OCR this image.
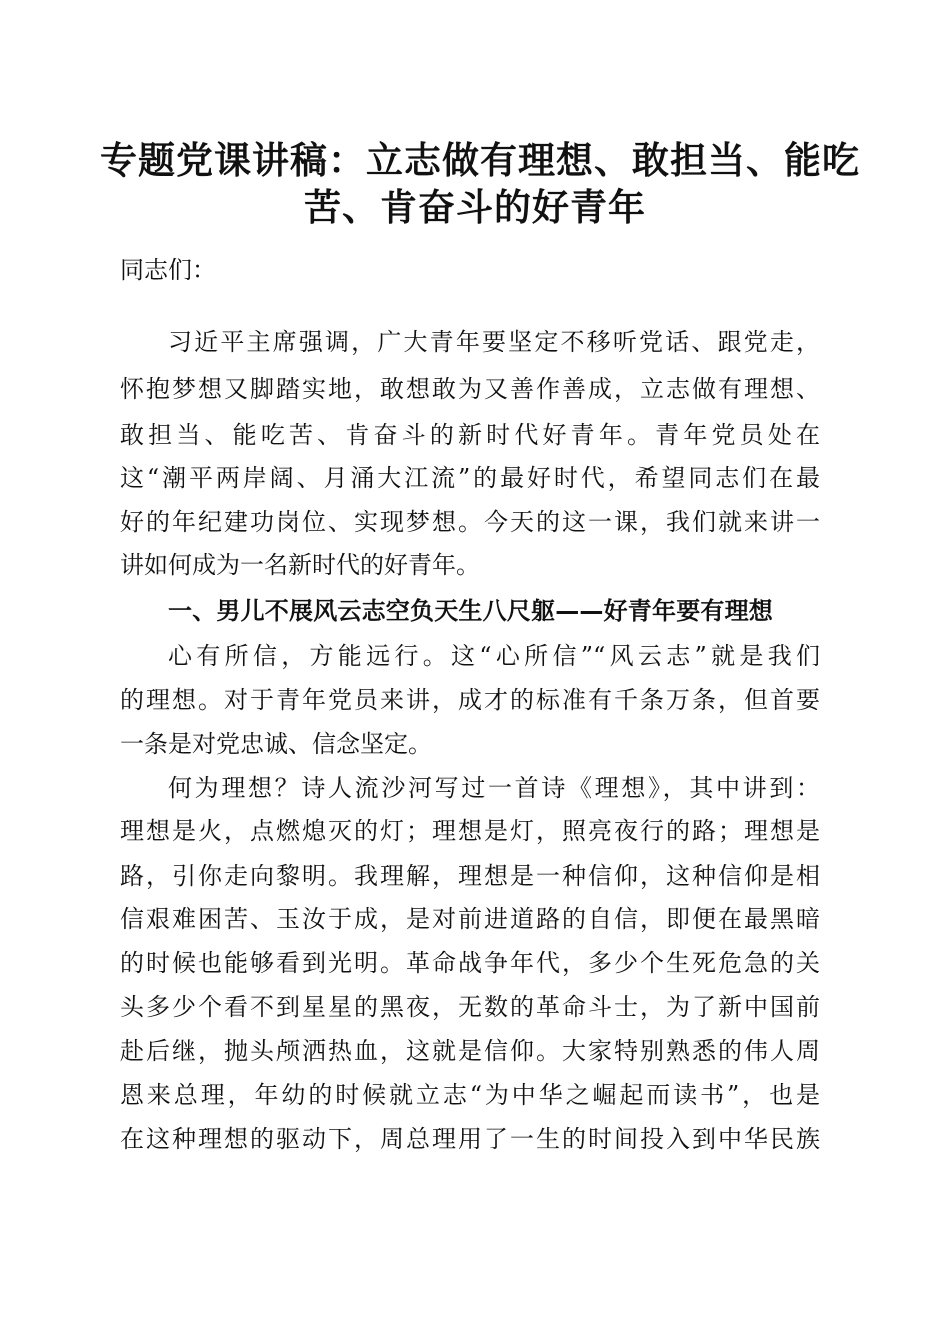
专题党课讲稿：立志做有理想、敢担当、能吃
苦、肯奋斗的好青年

同志们：

习近平主席强调，广大青年要坚定不移听党话、跟党走，

怀抱梦想又脚踏实地，敢想敢为又善作善成，立志做有理想、

敢担当、能吃苦、肯奋斗的新时代好青年。青年党员处在

这“潮平两岸阔、月涌大江流”的最好时代，希望同志们在最

好的年纪建功岗位、实现梦想。今天的这一课，我们就来讲一

讲如何成为一名新时代的好青年。

一、男儿不展风云志空负天生八尺躯——好青年要有理想

心有所信，方能远行。这“心所信”“风云志”就是我们

的理想。对于青年党员来讲，成才的标准有千条万条，但首要

一条是对党忠诚、信念坚定。

何为理想？诗人流沙河写过一首诗《理想》，其中讲到：

理想是火，点燃熄灭的灯；理想是灯，照亮夜行的路；理想是

路，引你走向黎明。我理解，理想是一种信仰，这种信仰是相

信艰难困苦、玉汝于成，是对前进道路的自信，即便在最黑暗

的时候也能够看到光明。革命战争年代，多少个生死危急的关

头多少个看不到星星的黑夜，无数的革命斗士，为了新中国前

赴后继，抛头颅洒热血，这就是信仰。大家特别熟悉的伟人周

恩来总理，年幼的时候就立志“为中华之崛起而读书”，也是

在这种理想的驱动下，周总理用了一生的时间投入到中华民族
